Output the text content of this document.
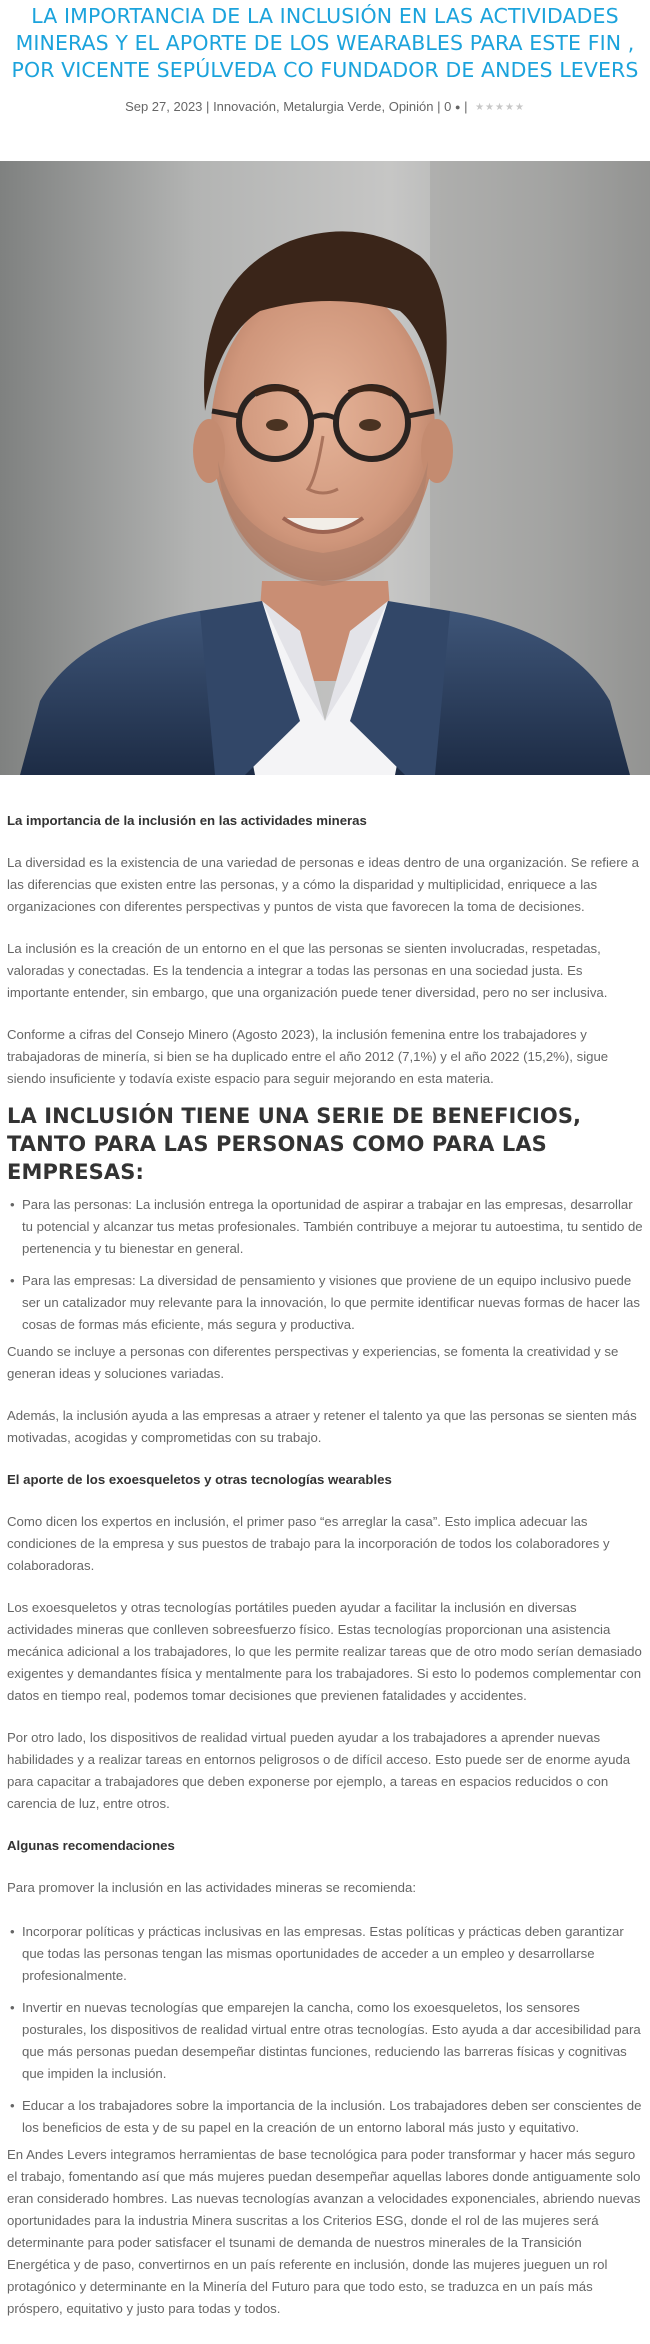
LA IMPORTANCIA DE LA INCLUSIÓN EN LAS ACTIVIDADES MINERAS Y EL APORTE DE LOS WEARABLES PARA ESTE FIN , POR VICENTE SEPÚLVEDA CO FUNDADOR DE ANDES LEVERS
Sep 27, 2023 | Innovación, Metalurgia Verde, Opinión | 0 ● | ★★★★★

La importancia de la inclusión en las actividades mineras

La diversidad es la existencia de una variedad de personas e ideas dentro de una organización. Se refiere a las diferencias que existen entre las personas, y a cómo la disparidad y multiplicidad, enriquece a las organizaciones con diferentes perspectivas y puntos de vista que favorecen la toma de decisiones.

La inclusión es la creación de un entorno en el que las personas se sienten involucradas, respetadas, valoradas y conectadas. Es la tendencia a integrar a todas las personas en una sociedad justa. Es importante entender, sin embargo, que una organización puede tener diversidad, pero no ser inclusiva.

Conforme a cifras del Consejo Minero (Agosto 2023), la inclusión femenina entre los trabajadores y trabajadoras de minería, si bien se ha duplicado entre el año 2012 (7,1%) y el año 2022 (15,2%), sigue siendo insuficiente y todavía existe espacio para seguir mejorando en esta materia.

LA INCLUSIÓN TIENE UNA SERIE DE BENEFICIOS, TANTO PARA LAS PERSONAS COMO PARA LAS EMPRESAS:
• Para las personas: La inclusión entrega la oportunidad de aspirar a trabajar en las empresas, desarrollar tu potencial y alcanzar tus metas profesionales. También contribuye a mejorar tu autoestima, tu sentido de pertenencia y tu bienestar en general.
• Para las empresas: La diversidad de pensamiento y visiones que proviene de un equipo inclusivo puede ser un catalizador muy relevante para la innovación, lo que permite identificar nuevas formas de hacer las cosas de formas más eficiente, más segura y productiva.

Cuando se incluye a personas con diferentes perspectivas y experiencias, se fomenta la creatividad y se generan ideas y soluciones variadas.

Además, la inclusión ayuda a las empresas a atraer y retener el talento ya que las personas se sienten más motivadas, acogidas y comprometidas con su trabajo.

El aporte de los exoesqueletos y otras tecnologías wearables

Como dicen los expertos en inclusión, el primer paso “es arreglar la casa”. Esto implica adecuar las condiciones de la empresa y sus puestos de trabajo para la incorporación de todos los colaboradores y colaboradoras.

Los exoesqueletos y otras tecnologías portátiles pueden ayudar a facilitar la inclusión en diversas actividades mineras que conlleven sobreesfuerzo físico. Estas tecnologías proporcionan una asistencia mecánica adicional a los trabajadores, lo que les permite realizar tareas que de otro modo serían demasiado exigentes y demandantes física y mentalmente para los trabajadores. Si esto lo podemos complementar con datos en tiempo real, podemos tomar decisiones que previenen fatalidades y accidentes.

Por otro lado, los dispositivos de realidad virtual pueden ayudar a los trabajadores a aprender nuevas habilidades y a realizar tareas en entornos peligrosos o de difícil acceso. Esto puede ser de enorme ayuda para capacitar a trabajadores que deben exponerse por ejemplo, a tareas en espacios reducidos o con carencia de luz, entre otros.

Algunas recomendaciones

Para promover la inclusión en las actividades mineras se recomienda:

• Incorporar políticas y prácticas inclusivas en las empresas. Estas políticas y prácticas deben garantizar que todas las personas tengan las mismas oportunidades de acceder a un empleo y desarrollarse profesionalmente.
• Invertir en nuevas tecnologías que emparejen la cancha, como los exoesqueletos, los sensores posturales, los dispositivos de realidad virtual entre otras tecnologías. Esto ayuda a dar accesibilidad para que más personas puedan desempeñar distintas funciones, reduciendo las barreras físicas y cognitivas que impiden la inclusión.
• Educar a los trabajadores sobre la importancia de la inclusión. Los trabajadores deben ser conscientes de los beneficios de esta y de su papel en la creación de un entorno laboral más justo y equitativo.

En Andes Levers integramos herramientas de base tecnológica para poder transformar y hacer más seguro el trabajo, fomentando así que más mujeres puedan desempeñar aquellas labores donde antiguamente solo eran considerado hombres. Las nuevas tecnologías avanzan a velocidades exponenciales, abriendo nuevas oportunidades para la industria Minera suscritas a los Criterios ESG, donde el rol de las mujeres será determinante para poder satisfacer el tsunami de demanda de nuestros minerales de la Transición Energética y de paso, convertirnos en un país referente en inclusión, donde las mujeres jueguen un rol protagónico y determinante en la Minería del Futuro para que todo esto, se traduzca en un país más próspero, equitativo y justo para todas y todos.
